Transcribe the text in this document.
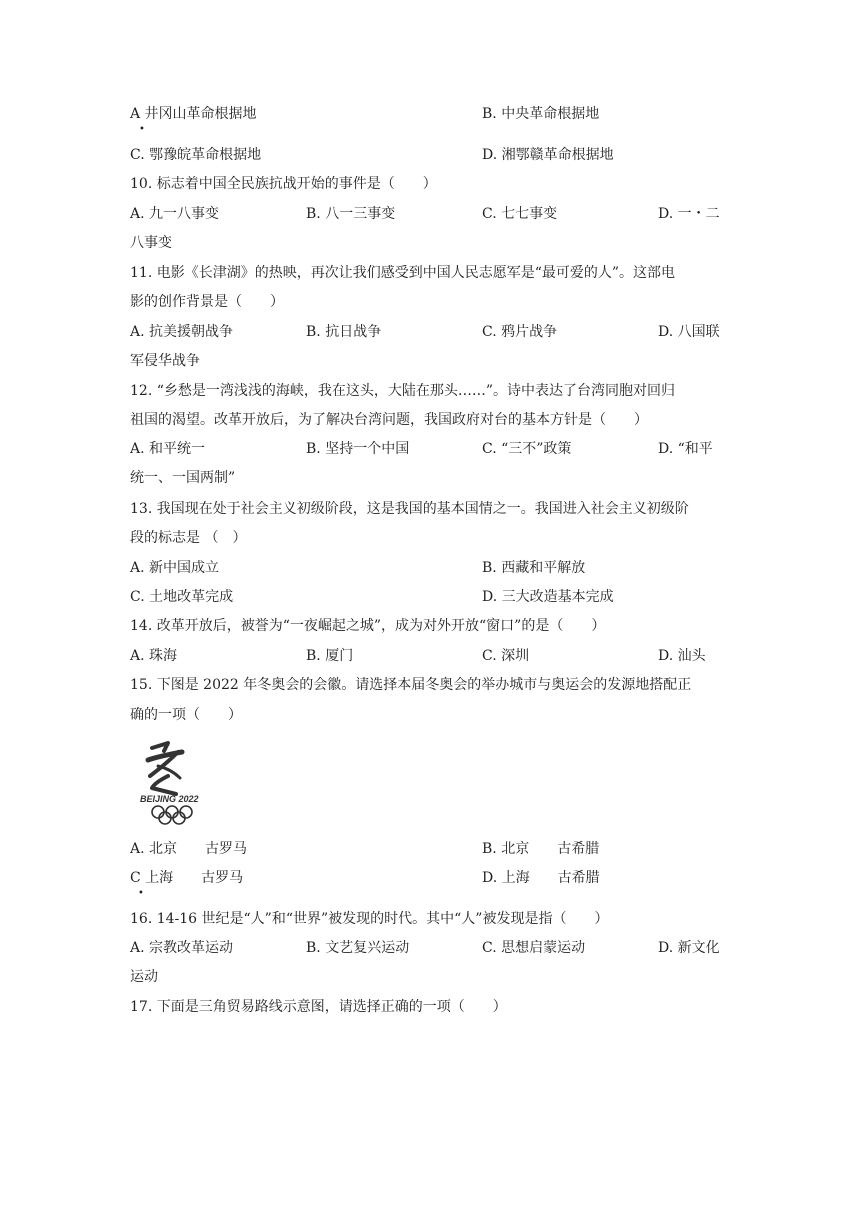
A 井冈山革命根据地
•
B. 中央革命根据地
C. 鄂豫皖革命根据地	D. 湘鄂赣革命根据地
10. 标志着中国全民族抗战开始的事件是（　　）
A. 九一八事变	B. 八一三事变	C. 七七事变	D. 一・二
八事变
11. 电影《长津湖》的热映，再次让我们感受到中国人民志愿军是“最可爱的人”。这部电
影的创作背景是（　　）
A. 抗美援朝战争	B. 抗日战争	C. 鸦片战争	D. 八国联
军侵华战争
12. “乡愁是一湾浅浅的海峡，我在这头，大陆在那头……”。诗中表达了台湾同胞对回归
祖国的渴望。改革开放后，为了解决台湾问题，我国政府对台的基本方针是（　　）
A. 和平统一	B. 坚持一个中国	C. “三不”政策	D. “和平
统一、一国两制”
13. 我国现在处于社会主义初级阶段，这是我国的基本国情之一。我国进入社会主义初级阶
段的标志是 （　）
A. 新中国成立	B. 西藏和平解放
C. 土地改革完成	D. 三大改造基本完成
14. 改革开放后，被誉为“一夜崛起之城”，成为对外开放“窗口”的是（　　）
A. 珠海	B. 厦门	C. 深圳	D. 汕头
15. 下图是 2022 年冬奥会的会徽。请选择本届冬奥会的举办城市与奥运会的发源地搭配正
确的一项（　　）
BEIJING 2022
A. 北京　　古罗马	B. 北京　　古希腊
C 上海　　古罗马
•
D. 上海　　古希腊
16. 14-16 世纪是“人”和“世界”被发现的时代。其中“人”被发现是指（　　）
A. 宗教改革运动	B. 文艺复兴运动	C. 思想启蒙运动	D. 新文化
运动
17. 下面是三角贸易路线示意图，请选择正确的一项（　　）
